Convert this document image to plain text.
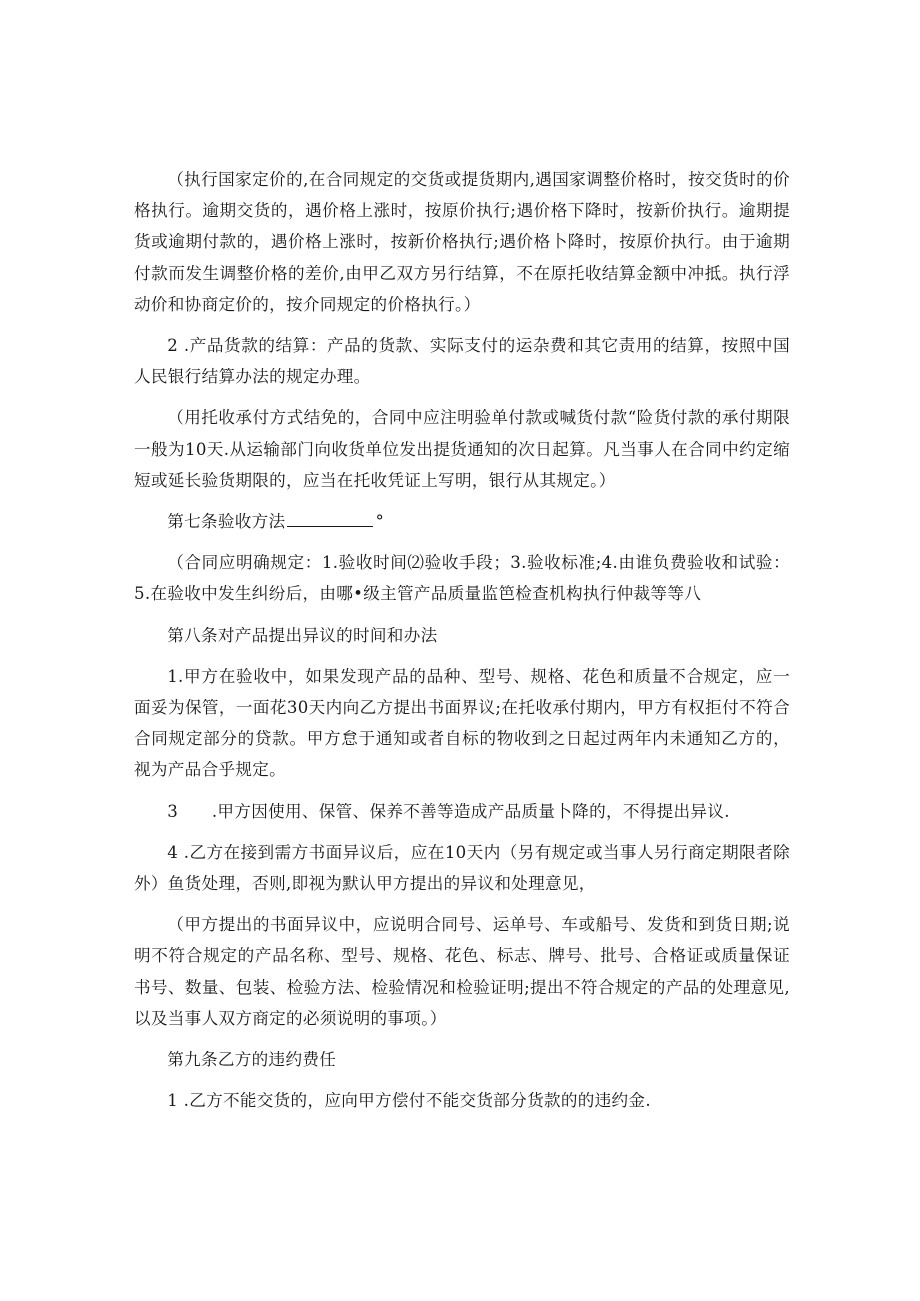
（执行国家定价的,在合同规定的交货或提货期内,遇国家调整价格时，按交货时的价格执行。逾期交货的，遇价格上涨时，按原价执行;遇价格下降时，按新价执行。逾期提货或逾期付款的，遇价格上涨时，按新价格执行;遇价格卜降时，按原价执行。由于逾期付款而发生调整价格的差价,由甲乙双方另行结算，不在原托收结算金额中冲抵。执行浮动价和协商定价的，按介同规定的价格执行。）

2 .产品货款的结算：产品的货款、实际支付的运杂费和其它责用的结算，按照中国人民银行结算办法的规定办理。

（用托收承付方式结免的，合同中应注明验单付款或喊货付款“险货付款的承付期限一般为10天.从运输部门向收货单位发出提货通知的次日起算。凡当事人在合同中约定缩短或延长验货期限的，应当在托收凭证上写明，银行从其规定。）

第七条验收方法	°

（合同应明确规定：1.验收时间⑵验收手段；3.验收标准;4.由谁负费验收和试验：5.在验收中发生纠纷后，由哪•级主管产品质量监笆检查机构执行仲裁等等八

第八条对产品提出异议的时间和办法

1.甲方在验收中，如果发现产品的品种、型号、规格、花色和质量不合规定，应一面妥为保管，一面花30天内向乙方提出书面界议;在托收承付期内，甲方有权拒付不符合合同规定部分的贷款。甲方怠于通知或者自标的物收到之日起过两年内未通知乙方的，视为产品合乎规定。

3　　.甲方因使用、保管、保养不善等造成产品质量卜降的，不得提出异议.

4 .乙方在接到需方书面异议后，应在10天内（另有规定或当事人另行商定期限者除外）鱼货处理，否则,即视为默认甲方提出的异议和处理意见，

（甲方提出的书面异议中，应说明合同号、运单号、车或船号、发货和到货日期;说明不符合规定的产品名称、型号、规格、花色、标志、牌号、批号、合格证或质量保证书号、数量、包装、检验方法、检验情况和检验证明;提出不符合规定的产品的处理意见,以及当事人双方商定的必须说明的事项。）

第九条乙方的违约费任

1 .乙方不能交货的，应向甲方偿付不能交货部分货款的的违约金.
